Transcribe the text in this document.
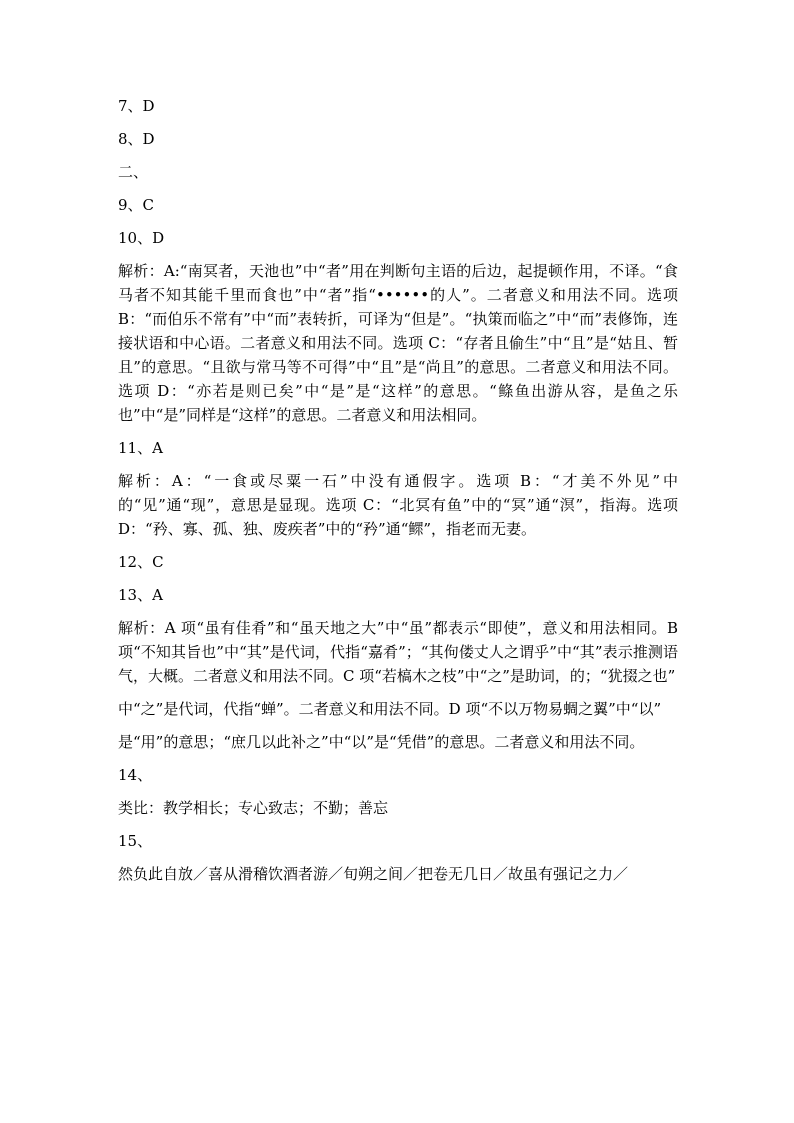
7、D
8、D
二、
9、C
10、D
解析：A:“南冥者，天池也”中“者”用在判断句主语的后边，起提顿作用，不译。“食马者不知其能千里而食也”中“者”指“••••••的人”。二者意义和用法不同。选项 B：“而伯乐不常有”中“而”表转折，可译为“但是”。“执策而临之”中“而”表修饰，连接状语和中心语。二者意义和用法不同。选项 C：“存者且偷生”中“且”是“姑且、暂且”的意思。“且欲与常马等不可得”中“且”是“尚且”的意思。二者意义和用法不同。选项 D：“亦若是则已矣”中“是”是“这样”的意思。“鲦鱼出游从容，是鱼之乐也”中“是”同样是“这样”的意思。二者意义和用法相同。
11、A
解析：A：“一食或尽粟一石”中没有通假字。选项 B：“才美不外见”中的“见”通“现”，意思是显现。选项 C：“北冥有鱼”中的“冥”通“溟”，指海。选项 D：“矜、寡、孤、独、废疾者”中的“矜”通“鳏”，指老而无妻。
12、C
13、A
解析：A 项“虽有佳肴”和“虽天地之大”中“虽”都表示“即使”，意义和用法相同。B 项“不知其旨也”中“其”是代词，代指“嘉肴”；“其佝偻丈人之谓乎”中“其”表示推测语气，大概。二者意义和用法不同。C 项“若槁木之枝”中“之”是助词，的；“犹掇之也”
中“之”是代词，代指“蝉”。二者意义和用法不同。D 项“不以万物易蜩之翼”中“以”
是“用”的意思；“庶几以此补之”中“以”是“凭借”的意思。二者意义和用法不同。
14、
类比：教学相长；专心致志；不勤；善忘
15、
然负此自放／喜从滑稽饮酒者游／旬朔之间／把卷无几日／故虽有强记之力／
